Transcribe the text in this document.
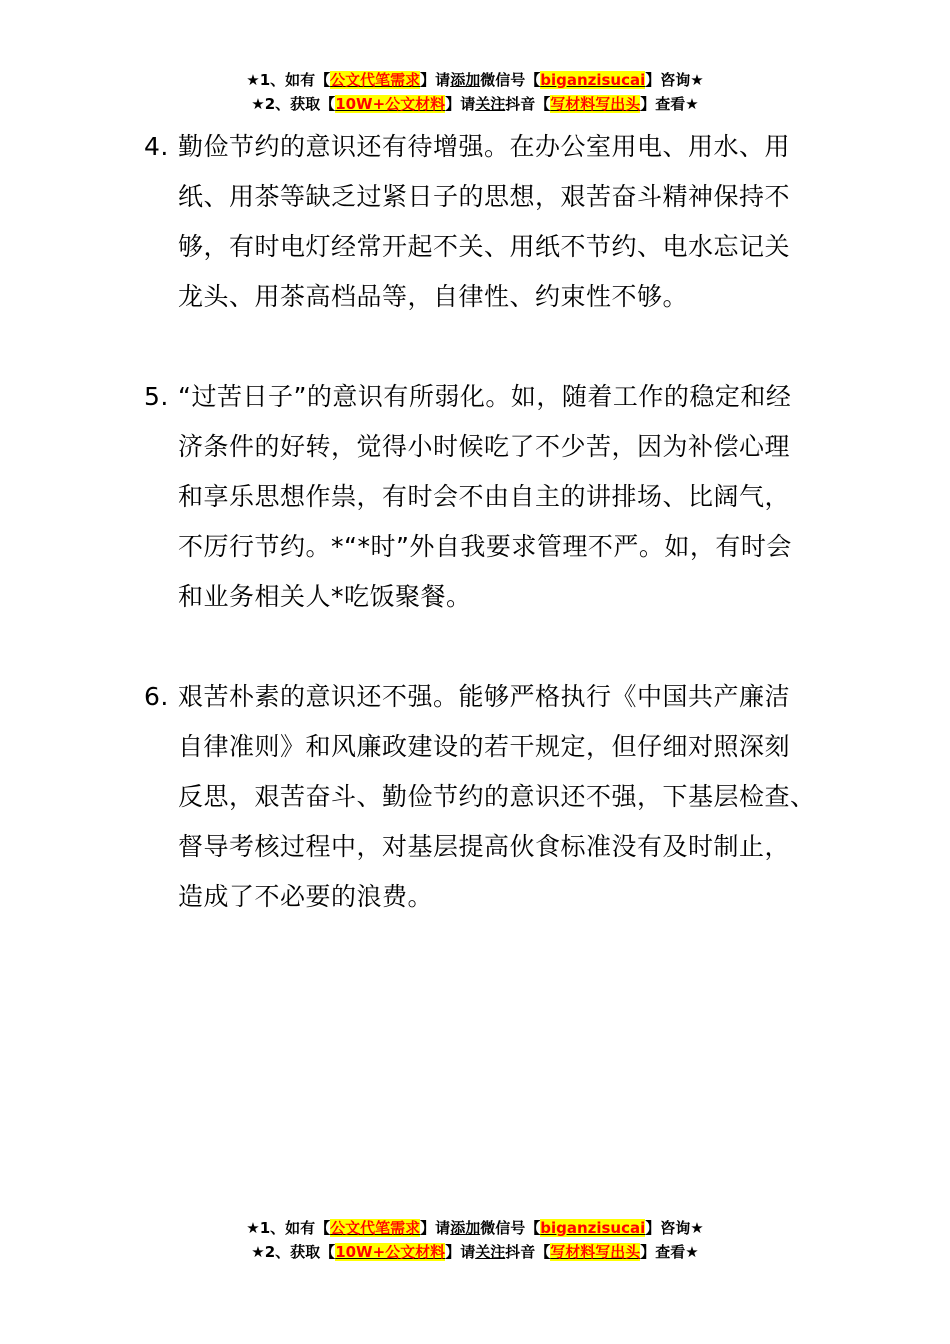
★1、如有【公文代笔需求】请添加微信号【biganzisucai】咨询★
★2、获取【10W+公文材料】请关注抖音【写材料写出头】查看★
4. 勤俭节约的意识还有待增强。在办公室用电、用水、用
纸、用茶等缺乏过紧日子的思想，艰苦奋斗精神保持不
够，有时电灯经常开起不关、用纸不节约、电水忘记关
龙头、用茶高档品等，自律性、约束性不够。
5. “过苦日子”的意识有所弱化。如，随着工作的稳定和经
济条件的好转，觉得小时候吃了不少苦，因为补偿心理
和享乐思想作祟，有时会不由自主的讲排场、比阔气，
不厉行节约。*“*时”外自我要求管理不严。如，有时会
和业务相关人*吃饭聚餐。
6. 艰苦朴素的意识还不强。能够严格执行《中国共产廉洁
自律准则》和风廉政建设的若干规定，但仔细对照深刻
反思，艰苦奋斗、勤俭节约的意识还不强，下基层检查、
督导考核过程中，对基层提高伙食标准没有及时制止，
造成了不必要的浪费。
★1、如有【公文代笔需求】请添加微信号【biganzisucai】咨询★
★2、获取【10W+公文材料】请关注抖音【写材料写出头】查看★
